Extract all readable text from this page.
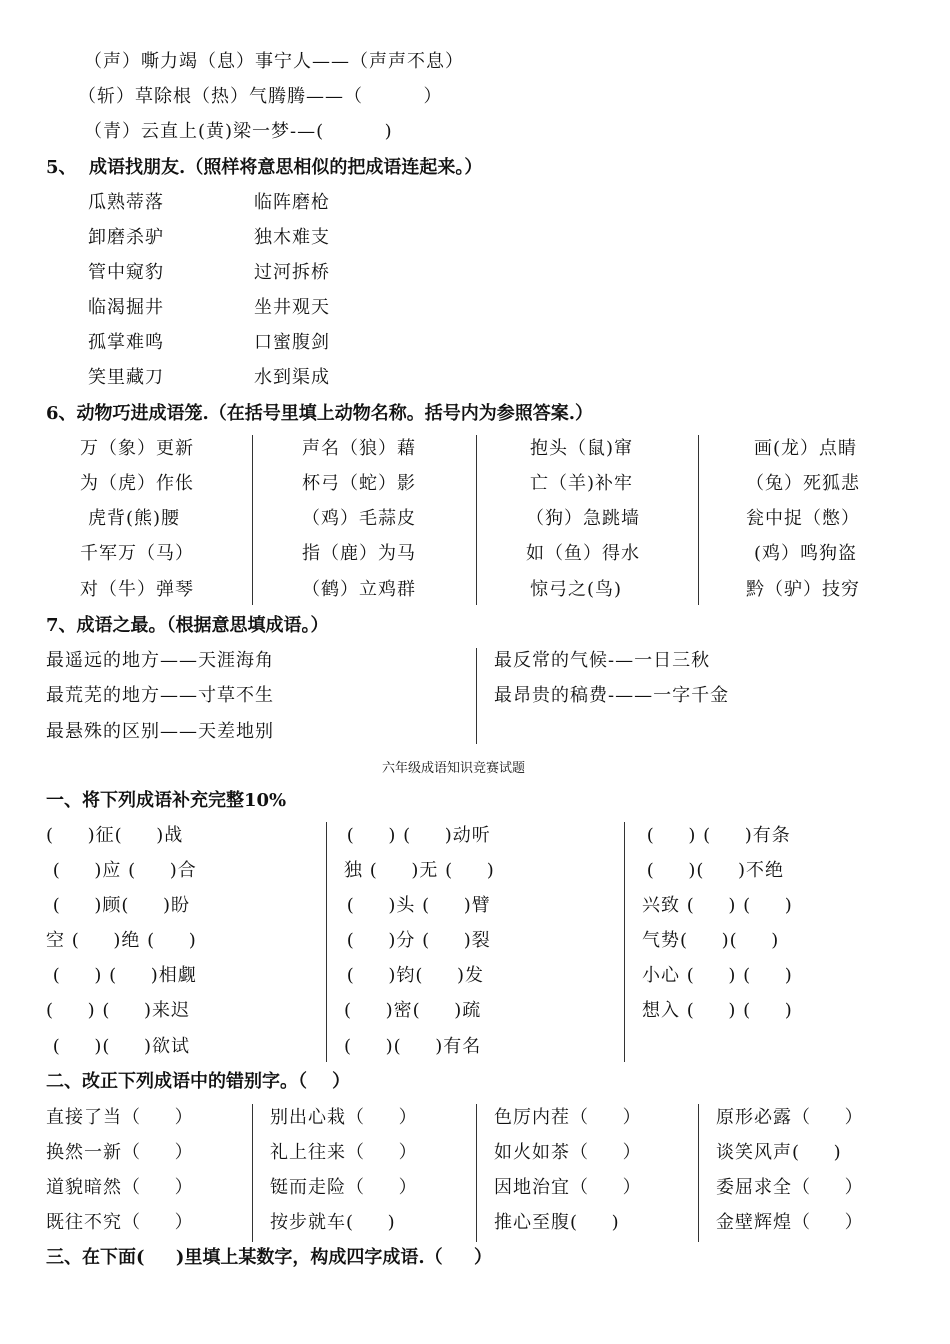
（声）嘶力竭（息）事宁人——（声声不息）
（斩）草除根（热）气腾腾——（         ）
（青）云直上(黄)梁一梦-—(         )
5、  成语找朋友.（照样将意思相似的把成语连起来。）
瓜熟蒂落
卸磨杀驴
管中窥豹
临渴掘井
孤掌难鸣
笑里藏刀
临阵磨枪
独木难支
过河拆桥
坐井观天
口蜜腹剑
水到渠成
6、动物巧进成语笼.（在括号里填上动物名称。括号内为参照答案.）
万（象）更新
为（虎）作伥
虎背(熊)腰
千军万（马）
对（牛）弹琴
声名（狼）藉
杯弓（蛇）影
（鸡）毛蒜皮
指（鹿）为马
（鹤）立鸡群
抱头（鼠)窜
亡（羊)补牢
（狗）急跳墙
如（鱼）得水
惊弓之(鸟)
画(龙）点睛
（兔）死狐悲
瓮中捉（憋）
(鸡）鸣狗盗
黔（驴）技穷
7、成语之最。（根据意思填成语。）
最遥远的地方——天涯海角
最荒芜的地方——寸草不生
最悬殊的区别——天差地别
最反常的气候-—一日三秋
最昂贵的稿费-——一字千金
六年级成语知识竞赛试题
一、将下列成语补充完整10%
(     )征(     )战
(     )应 (     )合
(     )顾(     )盼
空 (     )绝 (     )
(     ) (     )相觑
(     ) (     )来迟
(     )(     )欲试
(     ) (     )动听
独 (     )无 (     )
(     )头 (     )臂
(     )分 (     )裂
(     )钧(     )发
(     )密(     )疏
(     )(     )有名
(     ) (     )有条
(     )(     )不绝
兴致 (     ) (     )
气势(     )(     )
小心 (     ) (     )
想入 (     ) (     )
二、改正下列成语中的错别字。（    ）
直接了当（     ）
换然一新（     ）
道貌暗然（     ）
既往不究（     ）
别出心栽（     ）
礼上往来（     ）
铤而走险（     ）
按步就车(     )
色厉内茬（     ）
如火如茶（     ）
因地治宜（     ）
推心至腹(     )
原形必露（     ）
谈笑风声(     )
委屈求全（     ）
金壁辉煌（     ）
三、在下面(     )里填上某数字，构成四字成语.（     ）
